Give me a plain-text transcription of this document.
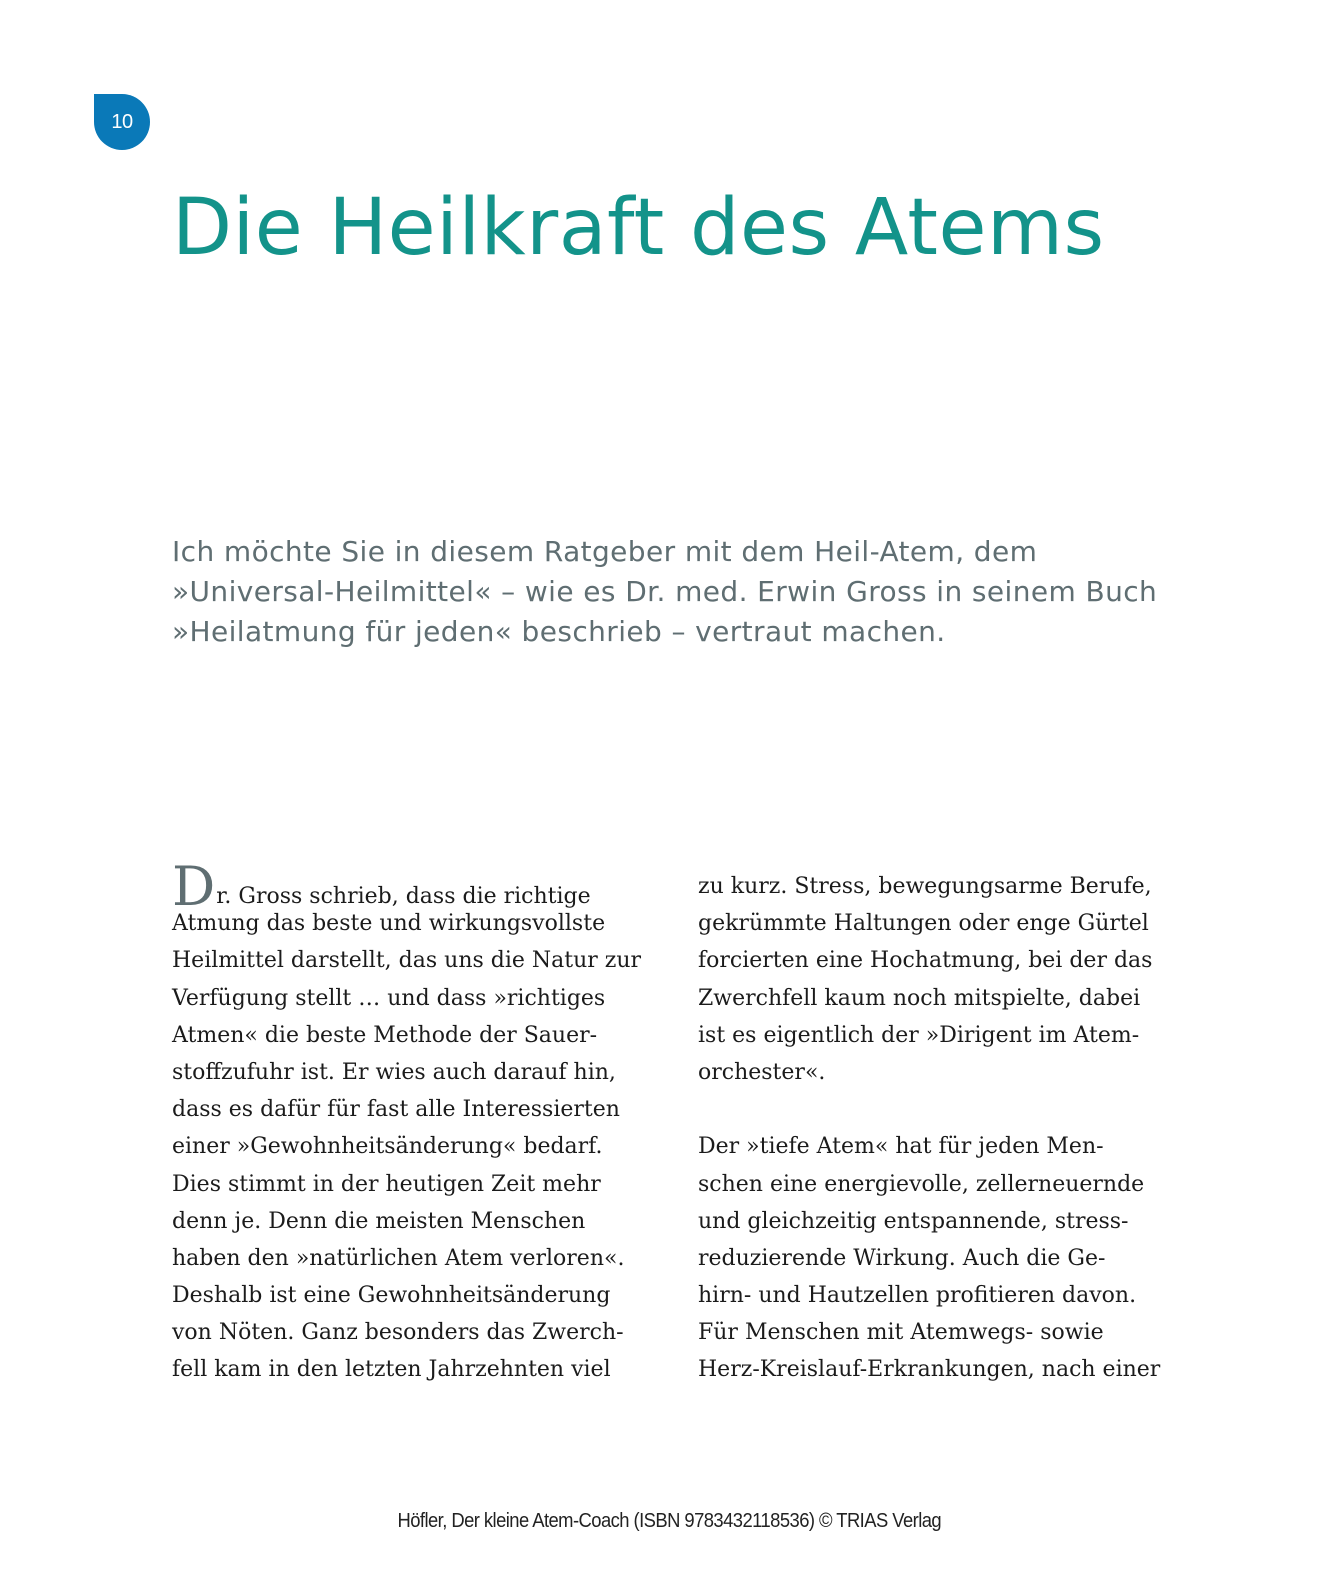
10
Die Heilkraft des Atems
Ich möchte Sie in diesem Ratgeber mit dem Heil-Atem, dem
»Universal-Heilmittel« – wie es Dr. med. Erwin Gross in seinem Buch
»Heilatmung für jeden« beschrieb – vertraut machen.
Dr. Gross schrieb, dass die richtige
Atmung das beste und wirkungsvollste
Heilmittel darstellt, das uns die Natur zur
Verfügung stellt … und dass »richtiges
Atmen« die beste Methode der Sauer-
stoffzufuhr ist. Er wies auch darauf hin,
dass es dafür für fast alle Interessierten
einer »Gewohnheitsänderung« bedarf.
Dies stimmt in der heutigen Zeit mehr
denn je. Denn die meisten Menschen
haben den »natürlichen Atem verloren«.
Deshalb ist eine Gewohnheitsänderung
von Nöten. Ganz besonders das Zwerch-
fell kam in den letzten Jahrzehnten viel
zu kurz. Stress, bewegungsarme Berufe,
gekrümmte Haltungen oder enge Gürtel
forcierten eine Hochatmung, bei der das
Zwerchfell kaum noch mitspielte, dabei
ist es eigentlich der »Dirigent im Atem-
orchester«.
Der »tiefe Atem« hat für jeden Men-
schen eine energievolle, zellerneuernde
und gleichzeitig entspannende, stress-
reduzierende Wirkung. Auch die Ge-
hirn- und Hautzellen profitieren davon.
Für Menschen mit Atemwegs- sowie
Herz-Kreislauf-Erkrankungen, nach einer
Höfler, Der kleine Atem-Coach (ISBN 9783432118536) © TRIAS Verlag
